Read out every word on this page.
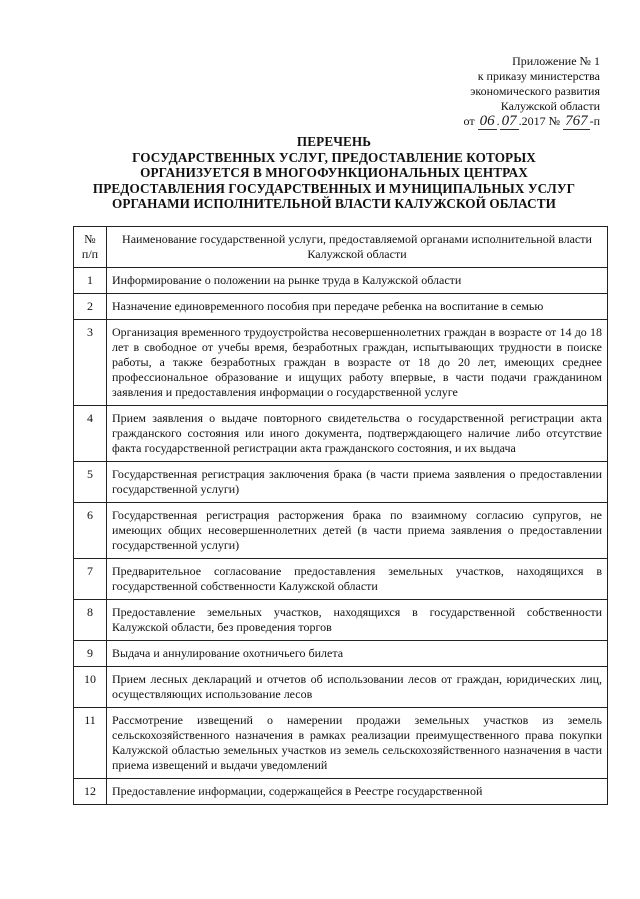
Приложение № 1
к приказу министерства
экономического развития
Калужской области
от 06 . 07 .2017 № 767 -п
ПЕРЕЧЕНЬ
ГОСУДАРСТВЕННЫХ УСЛУГ, ПРЕДОСТАВЛЕНИЕ КОТОРЫХ
ОРГАНИЗУЕТСЯ В МНОГОФУНКЦИОНАЛЬНЫХ ЦЕНТРАХ
ПРЕДОСТАВЛЕНИЯ ГОСУДАРСТВЕННЫХ И МУНИЦИПАЛЬНЫХ УСЛУГ
ОРГАНАМИ ИСПОЛНИТЕЛЬНОЙ ВЛАСТИ КАЛУЖСКОЙ ОБЛАСТИ
№ п/п	Наименование государственной услуги, предоставляемой органами исполнительной власти Калужской области
1	Информирование о положении на рынке труда в Калужской области
2	Назначение единовременного пособия при передаче ребенка на воспитание в семью
3	Организация временного трудоустройства несовершеннолетних граждан в возрасте от 14 до 18 лет в свободное от учебы время, безработных граждан, испытывающих трудности в поиске работы, а также безработных граждан в возрасте от 18 до 20 лет, имеющих среднее профессиональное образование и ищущих работу впервые, в части подачи гражданином заявления и предоставления информации о государственной услуге
4	Прием заявления о выдаче повторного свидетельства о государственной регистрации акта гражданского состояния или иного документа, подтверждающего наличие либо отсутствие факта государственной регистрации акта гражданского состояния, и их выдача
5	Государственная регистрация заключения брака (в части приема заявления о предоставлении государственной услуги)
6	Государственная регистрация расторжения брака по взаимному согласию супругов, не имеющих общих несовершеннолетних детей (в части приема заявления о предоставлении государственной услуги)
7	Предварительное согласование предоставления земельных участков, находящихся в государственной собственности Калужской области
8	Предоставление земельных участков, находящихся в государственной собственности Калужской области, без проведения торгов
9	Выдача и аннулирование охотничьего билета
10	Прием лесных деклараций и отчетов об использовании лесов от граждан, юридических лиц, осуществляющих использование лесов
11	Рассмотрение извещений о намерении продажи земельных участков из земель сельскохозяйственного назначения в рамках реализации преимущественного права покупки Калужской областью земельных участков из земель сельскохозяйственного назначения в части приема извещений и выдачи уведомлений
12	Предоставление информации, содержащейся в Реестре государственной
